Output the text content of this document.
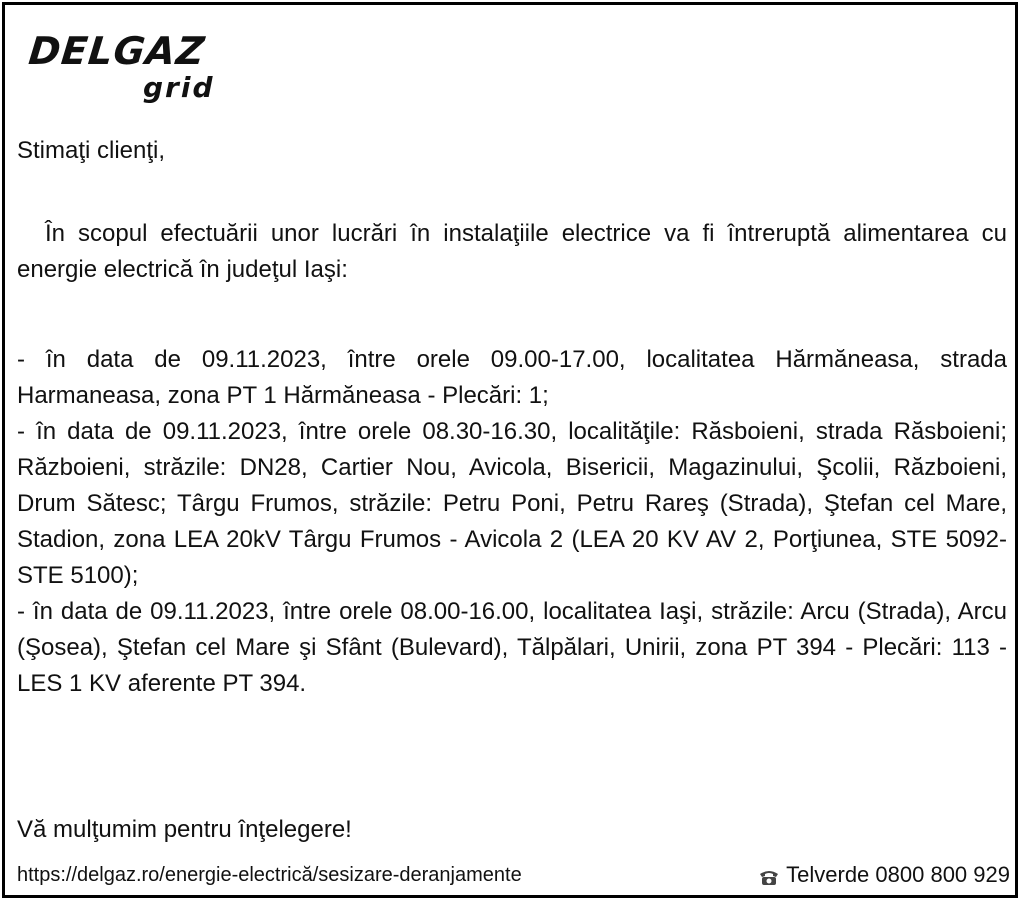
DELGAZ
grid
Stimaţi clienţi,
În scopul efectuării unor lucrări în instalaţiile electrice va fi întreruptă alimentarea cu energie electrică în judeţul Iaşi:

- în data de 09.11.2023, între orele 09.00-17.00, localitatea Hărmăneasa, strada Harmaneasa, zona PT 1 Hărmăneasa - Plecări: 1;

- în data de 09.11.2023, între orele 08.30-16.30, localităţile: Răsboieni, strada Răsboieni; Războieni, străzile: DN28, Cartier Nou, Avicola, Bisericii, Magazinului, Şcolii, Războieni, Drum Sătesc; Târgu Frumos, străzile: Petru Poni, Petru Rareş (Strada), Ştefan cel Mare, Stadion, zona LEA 20kV Târgu Frumos - Avicola 2 (LEA 20 KV AV 2, Porţiunea, STE 5092-STE 5100);

- în data de 09.11.2023, între orele 08.00-16.00, localitatea Iaşi, străzile: Arcu (Strada), Arcu (Şosea), Ştefan cel Mare şi Sfânt (Bulevard), Tălpălari, Unirii, zona PT 394 - Plecări: 113 - LES 1 KV aferente PT 394.

Vă mulţumim pentru înţelegere!
https://delgaz.ro/energie-electrică/sesizare-deranjamente	Telverde 0800 800 929
